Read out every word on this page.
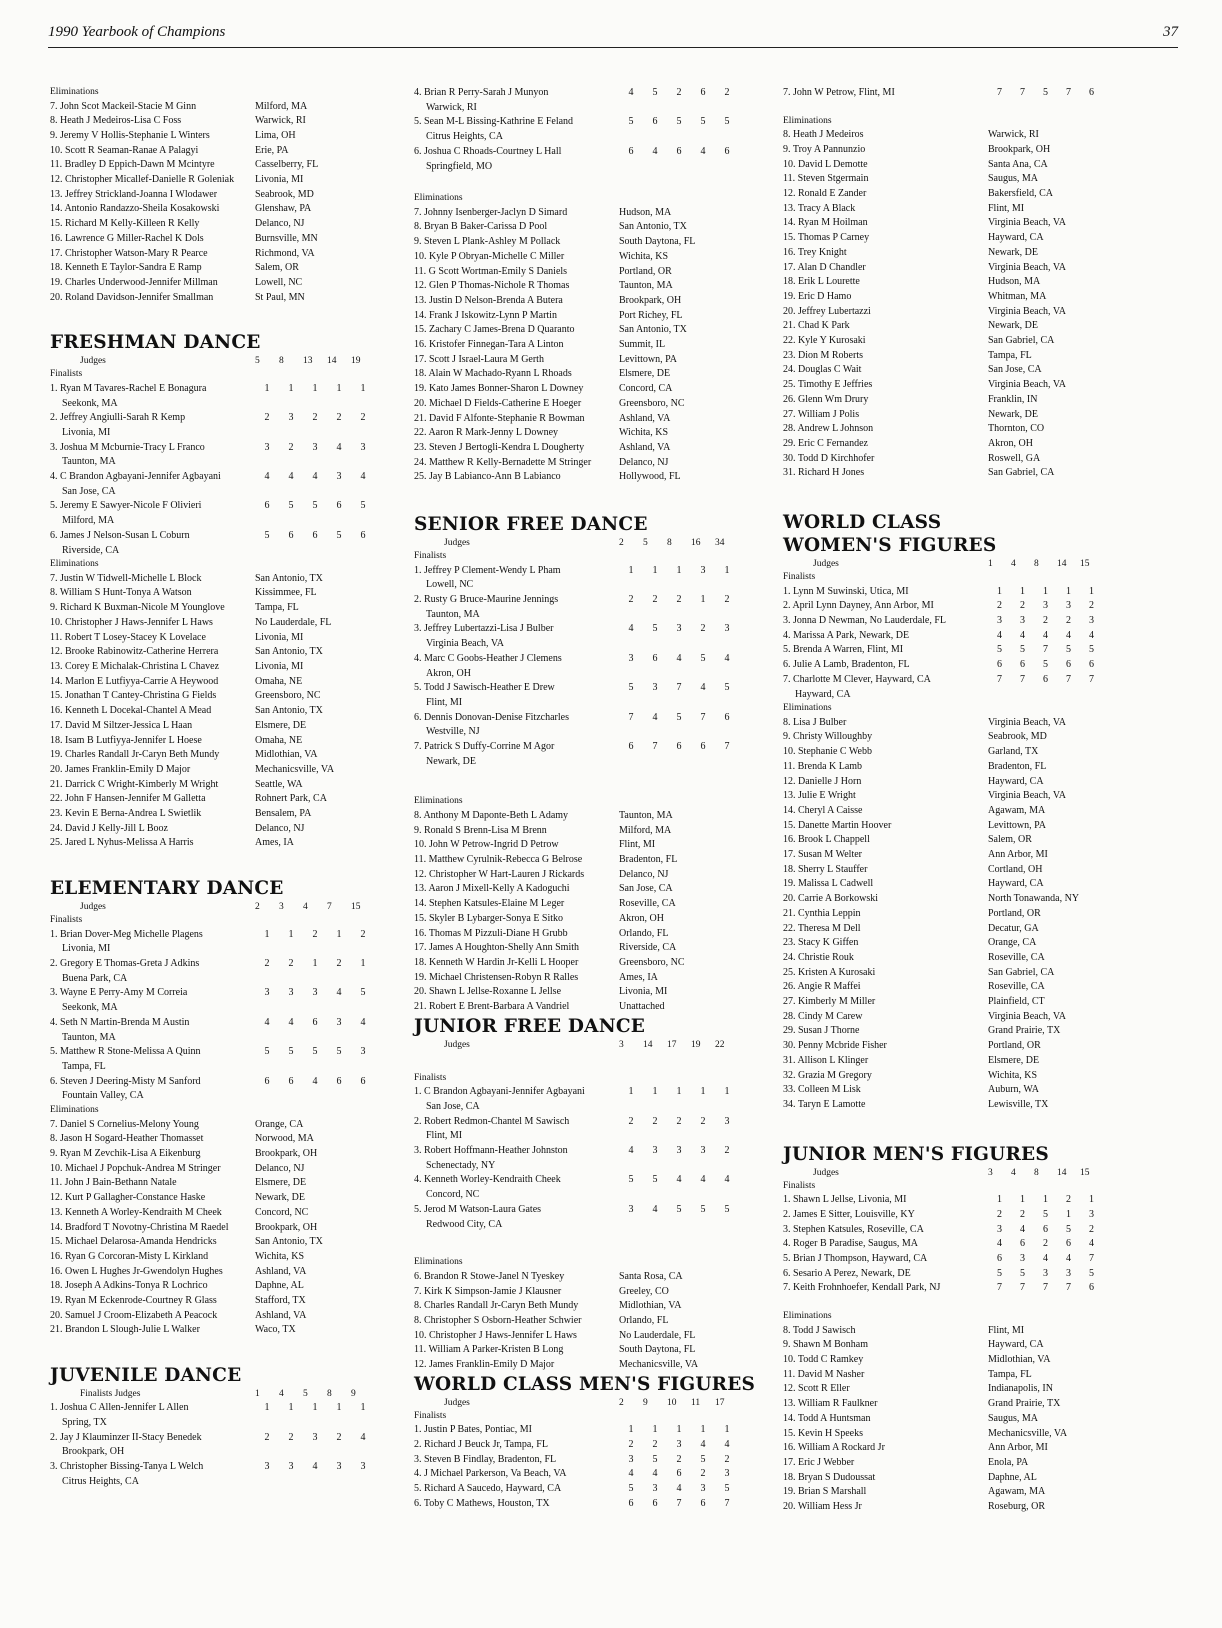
1990 Yearbook of Champions	37
Eliminations
7. John Scot Mackeil-Stacie M Ginn	Milford, MA
8. Heath J Medeiros-Lisa C Foss	Warwick, RI
9. Jeremy V Hollis-Stephanie L Winters	Lima, OH
10. Scott R Seaman-Ranae A Palagyi	Erie, PA
11. Bradley D Eppich-Dawn M Mcintyre	Casselberry, FL
12. Christopher Micallef-Danielle R Goleniak	Livonia, MI
13. Jeffrey Strickland-Joanna I Wlodawer	Seabrook, MD
14. Antonio Randazzo-Sheila Kosakowski	Glenshaw, PA
15. Richard M Kelly-Killeen R Kelly	Delanco, NJ
16. Lawrence G Miller-Rachel K Dols	Burnsville, MN
17. Christopher Watson-Mary R Pearce	Richmond, VA
18. Kenneth E Taylor-Sandra E Ramp	Salem, OR
19. Charles Underwood-Jennifer Millman	Lowell, NC
20. Roland Davidson-Jennifer Smallman	St Paul, MN
FRESHMAN DANCE
Judges	5	8	13	14	19
Finalists
1. Ryan M Tavares-Rachel E Bonagura	1	1	1	1	1
Seekonk, MA
2. Jeffrey Angiulli-Sarah R Kemp	2	3	2	2	2
Livonia, MI
3. Joshua M Mcburnie-Tracy L Franco	3	2	3	4	3
Taunton, MA
4. C Brandon Agbayani-Jennifer Agbayani	4	4	4	3	4
San Jose, CA
5. Jeremy E Sawyer-Nicole F Olivieri	6	5	5	6	5
Milford, MA
6. James J Nelson-Susan L Coburn	5	6	6	5	6
Riverside, CA
Eliminations
7. Justin W Tidwell-Michelle L Block	San Antonio, TX
8. William S Hunt-Tonya A Watson	Kissimmee, FL
9. Richard K Buxman-Nicole M Younglove	Tampa, FL
10. Christopher J Haws-Jennifer L Haws	No Lauderdale, FL
11. Robert T Losey-Stacey K Lovelace	Livonia, MI
12. Brooke Rabinowitz-Catherine Herrera	San Antonio, TX
13. Corey E Michalak-Christina L Chavez	Livonia, MI
14. Marlon E Lutfiyya-Carrie A Heywood	Omaha, NE
15. Jonathan T Cantey-Christina G Fields	Greensboro, NC
16. Kenneth L Docekal-Chantel A Mead	San Antonio, TX
17. David M Siltzer-Jessica L Haan	Elsmere, DE
18. Isam B Lutfiyya-Jennifer L Hoese	Omaha, NE
19. Charles Randall Jr-Caryn Beth Mundy	Midlothian, VA
20. James Franklin-Emily D Major	Mechanicsville, VA
21. Darrick C Wright-Kimberly M Wright	Seattle, WA
22. John F Hansen-Jennifer M Galletta	Rohnert Park, CA
23. Kevin E Berna-Andrea L Swietlik	Bensalem, PA
24. David J Kelly-Jill L Booz	Delanco, NJ
25. Jared L Nyhus-Melissa A Harris	Ames, IA
ELEMENTARY DANCE
Judges	2	3	4	7	15
Finalists
1. Brian Dover-Meg Michelle Plagens	1	1	2	1	2
Livonia, MI
2. Gregory E Thomas-Greta J Adkins	2	2	1	2	1
Buena Park, CA
3. Wayne E Perry-Amy M Correia	3	3	3	4	5
Seekonk, MA
4. Seth N Martin-Brenda M Austin	4	4	6	3	4
Taunton, MA
5. Matthew R Stone-Melissa A Quinn	5	5	5	5	3
Tampa, FL
6. Steven J Deering-Misty M Sanford	6	6	4	6	6
Fountain Valley, CA
Eliminations
7. Daniel S Cornelius-Melony Young	Orange, CA
8. Jason H Sogard-Heather Thomasset	Norwood, MA
9. Ryan M Zevchik-Lisa A Eikenburg	Brookpark, OH
10. Michael J Popchuk-Andrea M Stringer	Delanco, NJ
11. John J Bain-Bethann Natale	Elsmere, DE
12. Kurt P Gallagher-Constance Haske	Newark, DE
13. Kenneth A Worley-Kendraith M Cheek	Concord, NC
14. Bradford T Novotny-Christina M Raedel	Brookpark, OH
15. Michael Delarosa-Amanda Hendricks	San Antonio, TX
16. Ryan G Corcoran-Misty L Kirkland	Wichita, KS
16. Owen L Hughes Jr-Gwendolyn Hughes	Ashland, VA
18. Joseph A Adkins-Tonya R Lochrico	Daphne, AL
19. Ryan M Eckenrode-Courtney R Glass	Stafford, TX
20. Samuel J Croom-Elizabeth A Peacock	Ashland, VA
21. Brandon L Slough-Julie L Walker	Waco, TX
JUVENILE DANCE
Finalists Judges	1	4	5	8	9
1. Joshua C Allen-Jennifer L Allen	1	1	1	1	1
Spring, TX
2. Jay J Klauminzer II-Stacy Benedek	2	2	3	2	4
Brookpark, OH
3. Christopher Bissing-Tanya L Welch	3	3	4	3	3
Citrus Heights, CA
4. Brian R Perry-Sarah J Munyon	4	5	2	6	2
Warwick, RI
5. Sean M-L Bissing-Kathrine E Feland	5	6	5	5	5
Citrus Heights, CA
6. Joshua C Rhoads-Courtney L Hall	6	4	6	4	6
Springfield, MO
Eliminations
7. Johnny Isenberger-Jaclyn D Simard	Hudson, MA
8. Bryan B Baker-Carissa D Pool	San Antonio, TX
9. Steven L Plank-Ashley M Pollack	South Daytona, FL
10. Kyle P Obryan-Michelle C Miller	Wichita, KS
11. G Scott Wortman-Emily S Daniels	Portland, OR
12. Glen P Thomas-Nichole R Thomas	Taunton, MA
13. Justin D Nelson-Brenda A Butera	Brookpark, OH
14. Frank J Iskowitz-Lynn P Martin	Port Richey, FL
15. Zachary C James-Brena D Quaranto	San Antonio, TX
16. Kristofer Finnegan-Tara A Linton	Summit, IL
17. Scott J Israel-Laura M Gerth	Levittown, PA
18. Alain W Machado-Ryann L Rhoads	Elsmere, DE
19. Kato James Bonner-Sharon L Downey	Concord, CA
20. Michael D Fields-Catherine E Hoeger	Greensboro, NC
21. David F Alfonte-Stephanie R Bowman	Ashland, VA
22. Aaron R Mark-Jenny L Downey	Wichita, KS
23. Steven J Bertogli-Kendra L Dougherty	Ashland, VA
24. Matthew R Kelly-Bernadette M Stringer	Delanco, NJ
25. Jay B Labianco-Ann B Labianco	Hollywood, FL
SENIOR FREE DANCE
Judges	2	5	8	16	34
Finalists
1. Jeffrey P Clement-Wendy L Pham	1	1	1	3	1
Lowell, NC
2. Rusty G Bruce-Maurine Jennings	2	2	2	1	2
Taunton, MA
3. Jeffrey Lubertazzi-Lisa J Bulber	4	5	3	2	3
Virginia Beach, VA
4. Marc C Goobs-Heather J Clemens	3	6	4	5	4
Akron, OH
5. Todd J Sawisch-Heather E Drew	5	3	7	4	5
Flint, MI
6. Dennis Donovan-Denise Fitzcharles	7	4	5	7	6
Westville, NJ
7. Patrick S Duffy-Corrine M Agor	6	7	6	6	7
Newark, DE
Eliminations
8. Anthony M Daponte-Beth L Adamy	Taunton, MA
9. Ronald S Brenn-Lisa M Brenn	Milford, MA
10. John W Petrow-Ingrid D Petrow	Flint, MI
11. Matthew Cyrulnik-Rebecca G Belrose	Bradenton, FL
12. Christopher W Hart-Lauren J Rickards	Delanco, NJ
13. Aaron J Mixell-Kelly A Kadoguchi	San Jose, CA
14. Stephen Katsules-Elaine M Leger	Roseville, CA
15. Skyler B Lybarger-Sonya E Sitko	Akron, OH
16. Thomas M Pizzuli-Diane H Grubb	Orlando, FL
17. James A Houghton-Shelly Ann Smith	Riverside, CA
18. Kenneth W Hardin Jr-Kelli L Hooper	Greensboro, NC
19. Michael Christensen-Robyn R Ralles	Ames, IA
20. Shawn L Jellse-Roxanne L Jellse	Livonia, MI
21. Robert E Brent-Barbara A Vandriel	Unattached
JUNIOR FREE DANCE
Judges	3	14	17	19	22
Finalists
1. C Brandon Agbayani-Jennifer Agbayani	1	1	1	1	1
San Jose, CA
2. Robert Redmon-Chantel M Sawisch	2	2	2	2	3
Flint, MI
3. Robert Hoffmann-Heather Johnston	4	3	3	3	2
Schenectady, NY
4. Kenneth Worley-Kendraith Cheek	5	5	4	4	4
Concord, NC
5. Jerod M Watson-Laura Gates	3	4	5	5	5
Redwood City, CA
Eliminations
6. Brandon R Stowe-Janel N Tyeskey	Santa Rosa, CA
7. Kirk K Simpson-Jamie J Klausner	Greeley, CO
8. Charles Randall Jr-Caryn Beth Mundy	Midlothian, VA
8. Christopher S Osborn-Heather Schwier	Orlando, FL
10. Christopher J Haws-Jennifer L Haws	No Lauderdale, FL
11. William A Parker-Kristen B Long	South Daytona, FL
12. James Franklin-Emily D Major	Mechanicsville, VA
WORLD CLASS MEN'S FIGURES
Judges	2	9	10	11	17
Finalists
1. Justin P Bates, Pontiac, MI	1	1	1	1	1
2. Richard J Beuck Jr, Tampa, FL	2	2	3	4	4
3. Steven B Findlay, Bradenton, FL	3	5	2	5	2
4. J Michael Parkerson, Va Beach, VA	4	4	6	2	3
5. Richard A Saucedo, Hayward, CA	5	3	4	3	5
6. Toby C Mathews, Houston, TX	6	6	7	6	7
7. John W Petrow, Flint, MI	7	7	5	7	6
Eliminations
8. Heath J Medeiros	Warwick, RI
9. Troy A Pannunzio	Brookpark, OH
10. David L Demotte	Santa Ana, CA
11. Steven Stgermain	Saugus, MA
12. Ronald E Zander	Bakersfield, CA
13. Tracy A Black	Flint, MI
14. Ryan M Hoilman	Virginia Beach, VA
15. Thomas P Carney	Hayward, CA
16. Trey Knight	Newark, DE
17. Alan D Chandler	Virginia Beach, VA
18. Erik L Lourette	Hudson, MA
19. Eric D Hamo	Whitman, MA
20. Jeffrey Lubertazzi	Virginia Beach, VA
21. Chad K Park	Newark, DE
22. Kyle Y Kurosaki	San Gabriel, CA
23. Dion M Roberts	Tampa, FL
24. Douglas C Wait	San Jose, CA
25. Timothy E Jeffries	Virginia Beach, VA
26. Glenn Wm Drury	Franklin, IN
27. William J Polis	Newark, DE
28. Andrew L Johnson	Thornton, CO
29. Eric C Fernandez	Akron, OH
30. Todd D Kirchhofer	Roswell, GA
31. Richard H Jones	San Gabriel, CA
WORLD CLASS
WOMEN'S FIGURES
Judges	1	4	8	14	15
Finalists
1. Lynn M Suwinski, Utica, MI	1	1	1	1	1
2. April Lynn Dayney, Ann Arbor, MI	2	2	3	3	2
3. Jonna D Newman, No Lauderdale, FL	3	3	2	2	3
4. Marissa A Park, Newark, DE	4	4	4	4	4
5. Brenda A Warren, Flint, MI	5	5	7	5	5
6. Julie A Lamb, Bradenton, FL	6	6	5	6	6
7. Charlotte M Clever, Hayward, CA	7	7	6	7	7
Hayward, CA
Eliminations
8. Lisa J Bulber	Virginia Beach, VA
9. Christy Willoughby	Seabrook, MD
10. Stephanie C Webb	Garland, TX
11. Brenda K Lamb	Bradenton, FL
12. Danielle J Horn	Hayward, CA
13. Julie E Wright	Virginia Beach, VA
14. Cheryl A Caisse	Agawam, MA
15. Danette Martin Hoover	Levittown, PA
16. Brook L Chappell	Salem, OR
17. Susan M Welter	Ann Arbor, MI
18. Sherry L Stauffer	Cortland, OH
19. Malissa L Cadwell	Hayward, CA
20. Carrie A Borkowski	North Tonawanda, NY
21. Cynthia Leppin	Portland, OR
22. Theresa M Dell	Decatur, GA
23. Stacy K Giffen	Orange, CA
24. Christie Rouk	Roseville, CA
25. Kristen A Kurosaki	San Gabriel, CA
26. Angie R Maffei	Roseville, CA
27. Kimberly M Miller	Plainfield, CT
28. Cindy M Carew	Virginia Beach, VA
29. Susan J Thorne	Grand Prairie, TX
30. Penny Mcbride Fisher	Portland, OR
31. Allison L Klinger	Elsmere, DE
32. Grazia M Gregory	Wichita, KS
33. Colleen M Lisk	Auburn, WA
34. Taryn E Lamotte	Lewisville, TX
JUNIOR MEN'S FIGURES
Judges	3	4	8	14	15
Finalists
1. Shawn L Jellse, Livonia, MI	1	1	1	2	1
2. James E Sitter, Louisville, KY	2	2	5	1	3
3. Stephen Katsules, Roseville, CA	3	4	6	5	2
4. Roger B Paradise, Saugus, MA	4	6	2	6	4
5. Brian J Thompson, Hayward, CA	6	3	4	4	7
6. Sesario A Perez, Newark, DE	5	5	3	3	5
7. Keith Frohnhoefer, Kendall Park, NJ	7	7	7	7	6
Eliminations
8. Todd J Sawisch	Flint, MI
9. Shawn M Bonham	Hayward, CA
10. Todd C Ramkey	Midlothian, VA
11. David M Nasher	Tampa, FL
12. Scott R Eller	Indianapolis, IN
13. William R Faulkner	Grand Prairie, TX
14. Todd A Huntsman	Saugus, MA
15. Kevin H Speeks	Mechanicsville, VA
16. William A Rockard Jr	Ann Arbor, MI
17. Eric J Webber	Enola, PA
18. Bryan S Dudoussat	Daphne, AL
19. Brian S Marshall	Agawam, MA
20. William Hess Jr	Roseburg, OR
